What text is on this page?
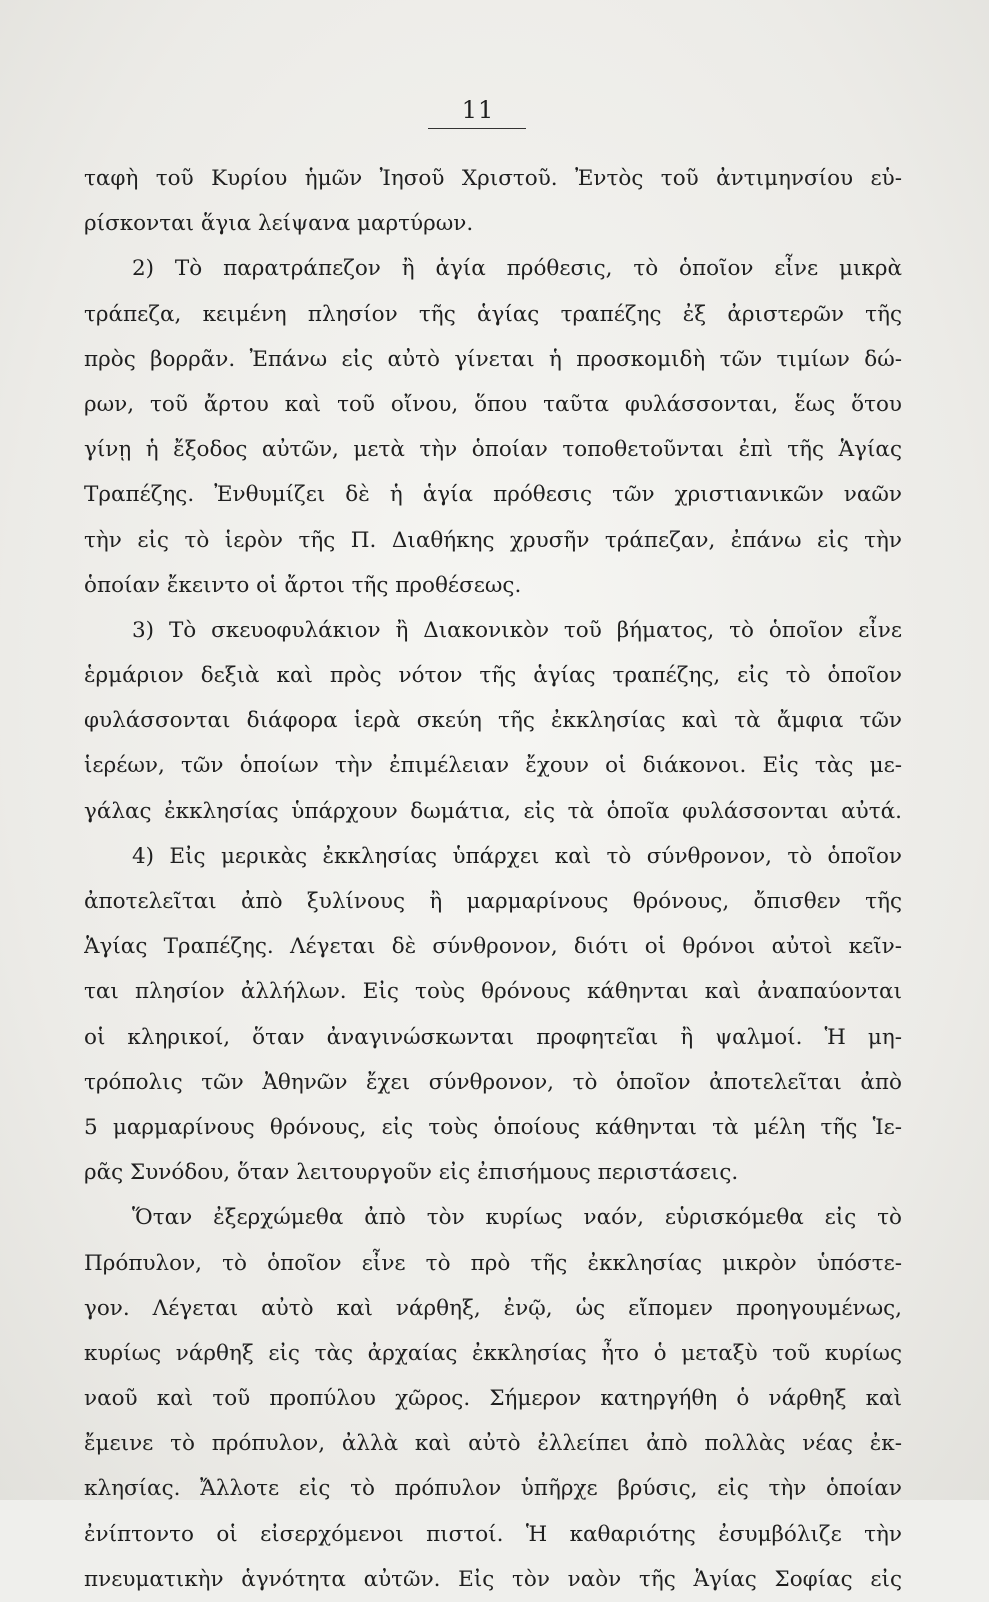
11
ταφὴ τοῦ Κυρίου ἡμῶν Ἰησοῦ Χριστοῦ. Ἐντὸς τοῦ ἀντιμηνσίου εὑ-
ρίσκονται ἅγια λείψανα μαρτύρων.
2) Τὸ παρατράπεζον ἢ ἁγία πρόθεσις, τὸ ὁποῖον εἶνε μικρὰ
τράπεζα, κειμένη πλησίον τῆς ἁγίας τραπέζης ἐξ ἀριστερῶν τῆς
πρὸς βορρᾶν. Ἐπάνω εἰς αὐτὸ γίνεται ἡ προσκομιδὴ τῶν τιμίων δώ-
ρων, τοῦ ἄρτου καὶ τοῦ οἴνου, ὅπου ταῦτα φυλάσσονται, ἕως ὅτου
γίνῃ ἡ ἔξοδος αὐτῶν, μετὰ τὴν ὁποίαν τοποθετοῦνται ἐπὶ τῆς Ἁγίας
Τραπέζης. Ἐνθυμίζει δὲ ἡ ἁγία πρόθεσις τῶν χριστιανικῶν ναῶν
τὴν εἰς τὸ ἱερὸν τῆς Π. Διαθήκης χρυσῆν τράπεζαν, ἐπάνω εἰς τὴν
ὁποίαν ἔκειντο οἱ ἄρτοι τῆς προθέσεως.
3) Τὸ σκευοφυλάκιον ἢ Διακονικὸν τοῦ βήματος, τὸ ὁποῖον εἶνε
ἑρμάριον δεξιὰ καὶ πρὸς νότον τῆς ἁγίας τραπέζης, εἰς τὸ ὁποῖον
φυλάσσονται διάφορα ἱερὰ σκεύη τῆς ἐκκλησίας καὶ τὰ ἄμφια τῶν
ἱερέων, τῶν ὁποίων τὴν ἐπιμέλειαν ἔχουν οἱ διάκονοι. Εἰς τὰς με-
γάλας ἐκκλησίας ὑπάρχουν δωμάτια, εἰς τὰ ὁποῖα φυλάσσονται αὐτά.
4) Εἰς μερικὰς ἐκκλησίας ὑπάρχει καὶ τὸ σύνθρονον, τὸ ὁποῖον
ἀποτελεῖται ἀπὸ ξυλίνους ἢ μαρμαρίνους θρόνους, ὄπισθεν τῆς
Ἁγίας Τραπέζης. Λέγεται δὲ σύνθρονον, διότι οἱ θρόνοι αὐτοὶ κεῖν-
ται πλησίον ἀλλήλων. Εἰς τοὺς θρόνους κάθηνται καὶ ἀναπαύονται
οἱ κληρικοί, ὅταν ἀναγινώσκωνται προφητεῖαι ἢ ψαλμοί. Ἡ μη-
τρόπολις τῶν Ἀθηνῶν ἔχει σύνθρονον, τὸ ὁποῖον ἀποτελεῖται ἀπὸ
5 μαρμαρίνους θρόνους, εἰς τοὺς ὁποίους κάθηνται τὰ μέλη τῆς Ἱε-
ρᾶς Συνόδου, ὅταν λειτουργοῦν εἰς ἐπισήμους περιστάσεις.
Ὅταν ἐξερχώμεθα ἀπὸ τὸν κυρίως ναόν, εὑρισκόμεθα εἰς τὸ
Πρόπυλον, τὸ ὁποῖον εἶνε τὸ πρὸ τῆς ἐκκλησίας μικρὸν ὑπόστε-
γον. Λέγεται αὐτὸ καὶ νάρθηξ, ἐνῷ, ὡς εἴπομεν προηγουμένως,
κυρίως νάρθηξ εἰς τὰς ἀρχαίας ἐκκλησίας ἦτο ὁ μεταξὺ τοῦ κυρίως
ναοῦ καὶ τοῦ προπύλου χῶρος. Σήμερον κατηργήθη ὁ νάρθηξ καὶ
ἔμεινε τὸ πρόπυλον, ἀλλὰ καὶ αὐτὸ ἐλλείπει ἀπὸ πολλὰς νέας ἐκ-
κλησίας. Ἄλλοτε εἰς τὸ πρόπυλον ὑπῆρχε βρύσις, εἰς τὴν ὁποίαν
ἐνίπτοντο οἱ εἰσερχόμενοι πιστοί. Ἡ καθαριότης ἐσυμβόλιζε τὴν
πνευματικὴν ἁγνότητα αὐτῶν. Εἰς τὸν ναὸν τῆς Ἁγίας Σοφίας εἰς
